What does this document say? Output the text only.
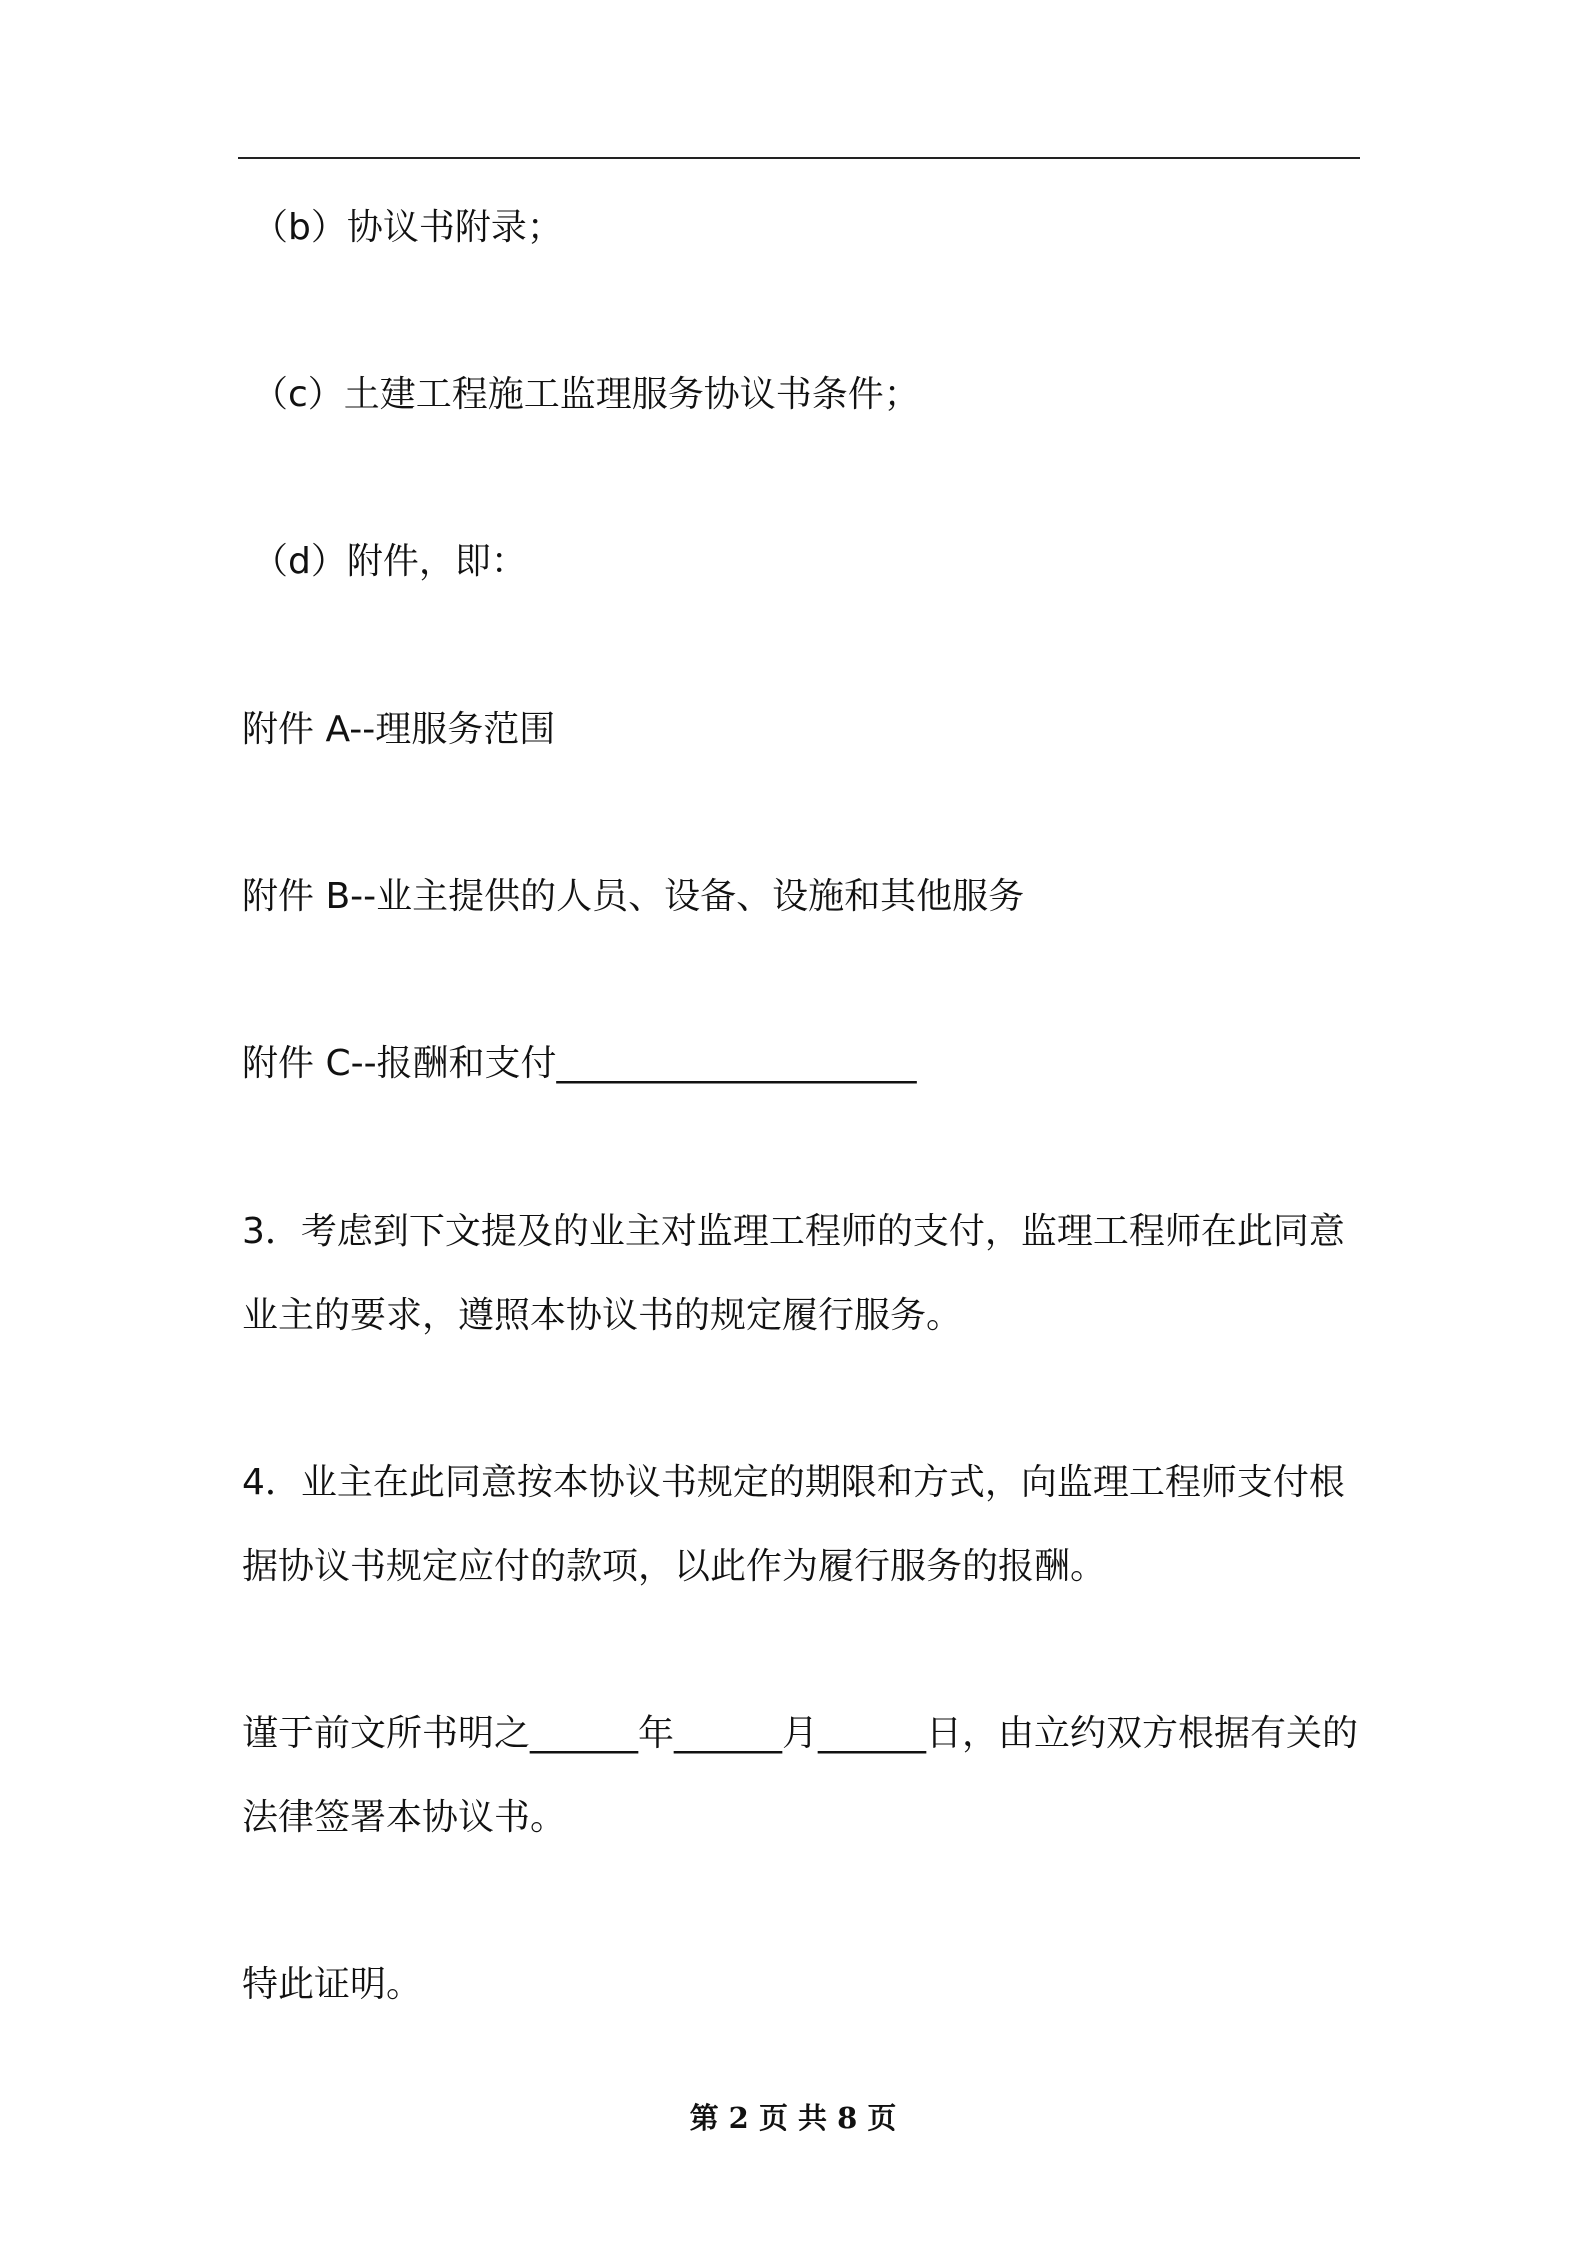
（b）协议书附录；

（c）土建工程施工监理服务协议书条件；

（d）附件，即：

附件 A--理服务范围

附件 B--业主提供的人员、设备、设施和其他服务

附件 C--报酬和支付____________________

3．考虑到下文提及的业主对监理工程师的支付，监理工程师在此同意业主的要求，遵照本协议书的规定履行服务。

4．业主在此同意按本协议书规定的期限和方式，向监理工程师支付根据协议书规定应付的款项，以此作为履行服务的报酬。

谨于前文所书明之______年______月______日，由立约双方根据有关的法律签署本协议书。

特此证明。

第 2 页 共 8 页
